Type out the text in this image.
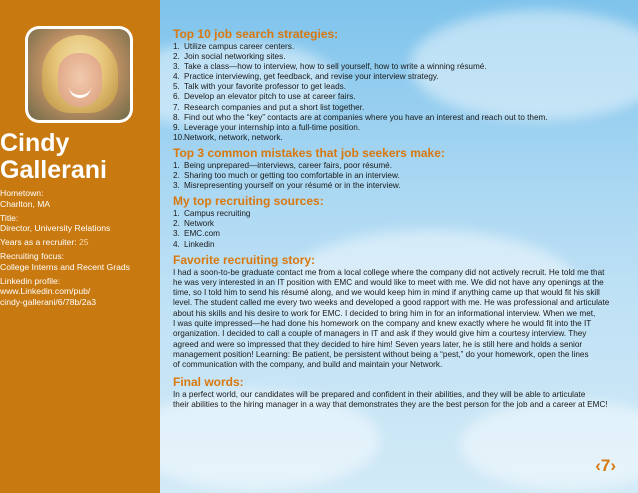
Cindy
Gallerani
Hometown:
Charlton, MA
Title:
Director, University Relations
Years as a recruiter: 25
Recruiting focus:
College Interns and Recent Grads
Linkedin profile:
www.Linkedin.com/pub/
cindy-gallerani/6/78b/2a3
Top 10 job search strategies:
1. Utilize campus career centers.
2. Join social networking sites.
3. Take a class—how to interview, how to sell yourself, how to write a winning résumé.
4. Practice interviewing, get feedback, and revise your interview strategy.
5. Talk with your favorite professor to get leads.
6. Develop an elevator pitch to use at career fairs.
7. Research companies and put a short list together.
8. Find out who the “key” contacts are at companies where you have an interest and reach out to them.
9. Leverage your internship into a full-time position.
10. Network, network, network.
Top 3 common mistakes that job seekers make:
1. Being unprepared—interviews, career fairs, poor résumé.
2. Sharing too much or getting too comfortable in an interview.
3. Misrepresenting yourself on your résumé or in the interview.
My top recruiting sources:
1. Campus recruiting
2. Network
3. EMC.com
4. Linkedin
Favorite recruiting story:

I had a soon-to-be graduate contact me from a local college where the company did not actively recruit. He told me that
he was very interested in an IT position with EMC and would like to meet with me. We did not have any openings at the
time, so I told him to send his résumé along, and we would keep him in mind if anything came up that would fit his skill
level. The student called me every two weeks and developed a good rapport with me. He was professional and articulate
about his skills and his desire to work for EMC. I decided to bring him in for an informational interview. When we met,
I was quite impressed—he had done his homework on the company and knew exactly where he would fit into the IT
organization. I decided to call a couple of managers in IT and ask if they would give him a courtesy interview. They
agreed and were so impressed that they decided to hire him! Seven years later, he is still here and holds a senior
management position! Learning: Be patient, be persistent without being a “pest,” do your homework, open the lines
of communication with the company, and build and maintain your Network.

Final words:

In a perfect world, our candidates will be prepared and confident in their abilities, and they will be able to articulate
their abilities to the hiring manager in a way that demonstrates they are the best person for the job and a career at EMC!

‹7›
